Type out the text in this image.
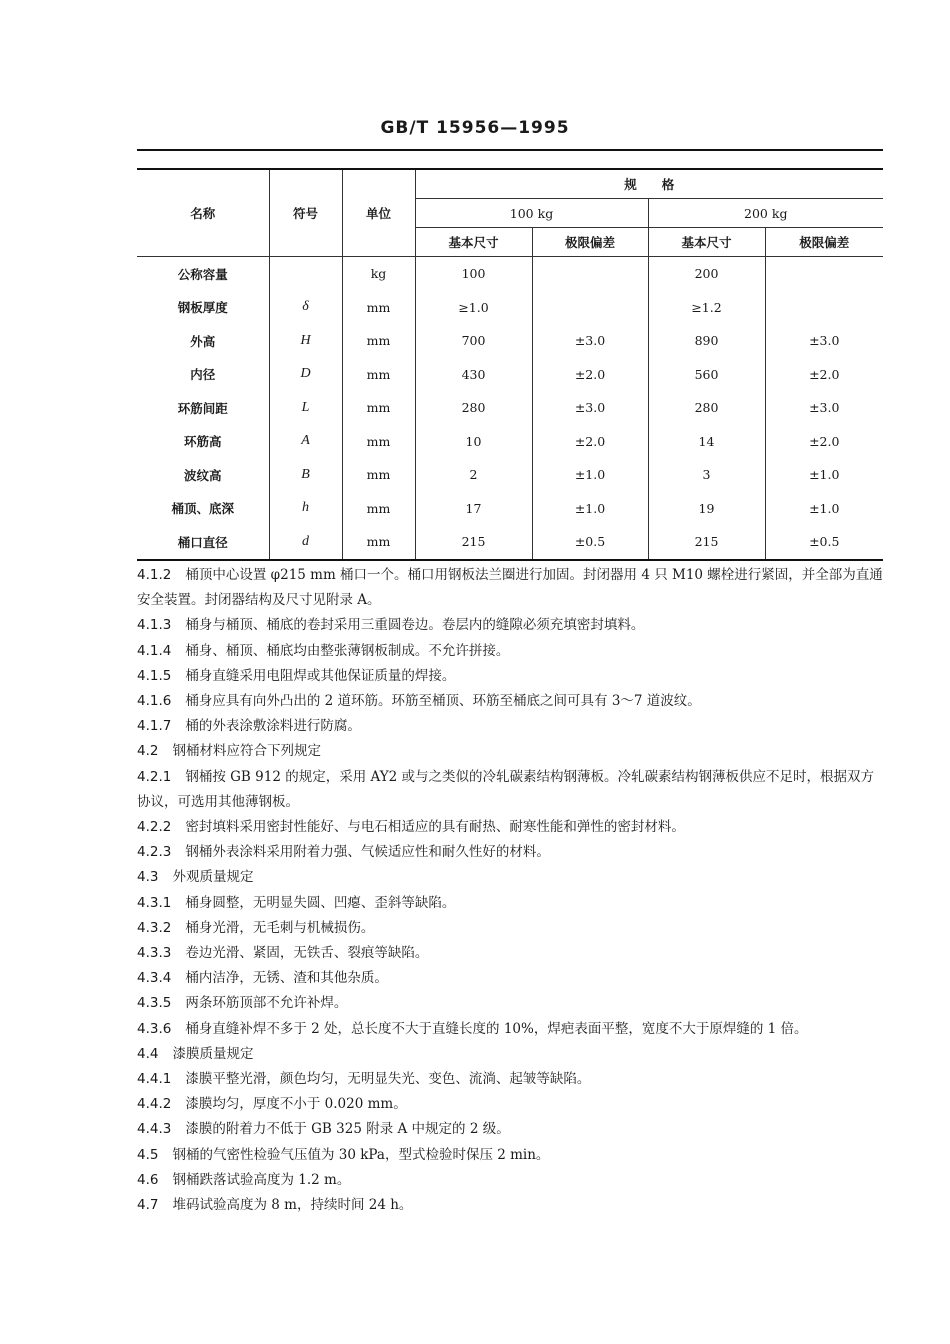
GB/T 15956—1995
名称	符号	单位	规　　格			
			100 kg		200 kg	
			基本尺寸	极限偏差	基本尺寸	极限偏差
公称容量		kg	100		200	
钢板厚度	δ	mm	≥1.0		≥1.2	
外高	H	mm	700	±3.0	890	±3.0
内径	D	mm	430	±2.0	560	±2.0
环筋间距	L	mm	280	±3.0	280	±3.0
环筋高	A	mm	10	±2.0	14	±2.0
波纹高	B	mm	2	±1.0	3	±1.0
桶顶、底深	h	mm	17	±1.0	19	±1.0
桶口直径	d	mm	215	±0.5	215	±0.5

4.1.2 桶顶中心设置 φ215 mm 桶口一个。桶口用钢板法兰圈进行加固。封闭器用 4 只 M10 螺栓进行紧固，并全部为直通安全装置。封闭器结构及尺寸见附录 A。

4.1.3 桶身与桶顶、桶底的卷封采用三重圆卷边。卷层内的缝隙必须充填密封填料。

4.1.4 桶身、桶顶、桶底均由整张薄钢板制成。不允许拼接。

4.1.5 桶身直缝采用电阻焊或其他保证质量的焊接。

4.1.6 桶身应具有向外凸出的 2 道环筋。环筋至桶顶、环筋至桶底之间可具有 3～7 道波纹。

4.1.7 桶的外表涂敷涂料进行防腐。

4.2 钢桶材料应符合下列规定

4.2.1 钢桶按 GB 912 的规定，采用 AY2 或与之类似的冷轧碳素结构钢薄板。冷轧碳素结构钢薄板供应不足时，根据双方协议，可选用其他薄钢板。

4.2.2 密封填料采用密封性能好、与电石相适应的具有耐热、耐寒性能和弹性的密封材料。

4.2.3 钢桶外表涂料采用附着力强、气候适应性和耐久性好的材料。

4.3 外观质量规定

4.3.1 桶身圆整，无明显失圆、凹瘪、歪斜等缺陷。

4.3.2 桶身光滑，无毛刺与机械损伤。

4.3.3 卷边光滑、紧固，无铁舌、裂痕等缺陷。

4.3.4 桶内洁净，无锈、渣和其他杂质。

4.3.5 两条环筋顶部不允许补焊。

4.3.6 桶身直缝补焊不多于 2 处，总长度不大于直缝长度的 10%，焊疤表面平整，宽度不大于原焊缝的 1 倍。

4.4 漆膜质量规定

4.4.1 漆膜平整光滑，颜色均匀，无明显失光、变色、流淌、起皱等缺陷。

4.4.2 漆膜均匀，厚度不小于 0.020 mm。

4.4.3 漆膜的附着力不低于 GB 325 附录 A 中规定的 2 级。

4.5 钢桶的气密性检验气压值为 30 kPa，型式检验时保压 2 min。

4.6 钢桶跌落试验高度为 1.2 m。

4.7 堆码试验高度为 8 m，持续时间 24 h。
